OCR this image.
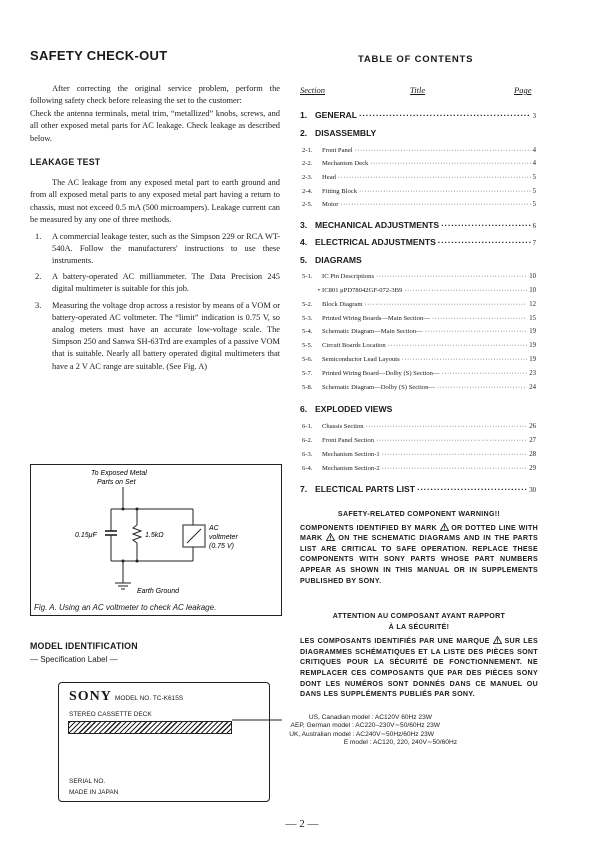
SAFETY CHECK-OUT

After correcting the original service problem, perform the following safety check before releasing the set to the customer:

Check the antenna terminals, metal trim, “metallized” knobs, screws, and all other exposed metal parts for AC leakage. Check leakage as described below.

LEAKAGE TEST

The AC leakage from any exposed metal part to earth ground and from all exposed metal parts to any exposed metal part having a return to chassis, must not exceed 0.5 mA (500 microampers). Leakage current can be measured by any one of three methods.

1. A commercial leakage tester, such as the Simpson 229 or RCA WT-540A. Follow the manufacturers' instructions to use these instruments.
2. A battery-operated AC milliammeter. The Data Precision 245 digital multimeter is suitable for this job.
3. Measuring the voltage drop across a resistor by means of a VOM or battery-operated AC voltmeter. The “limit” indication is 0.75 V, so analog meters must have an accurate low-voltage scale. The Simpson 250 and Sanwa SH-63Trd are examples of a passive VOM that is suitable. Nearly all battery operated digital multimeters that have a 2 V AC range are suitable. (See Fig. A)
To Exposed Metal
Parts on Set
0.15μF	1.5kΩ
AC
voltmeter
(0.75 V)
Earth Ground
Fig. A. Using an AC voltmeter to check AC leakage.
MODEL IDENTIFICATION
— Specification Label —
SONY MODEL NO. TC-K615S
STEREO CASSETTE DECK
SERIAL NO.
MADE IN JAPAN
US, Canadian model : AC120V 60Hz 23W
AEP, German model : AC220–230V∼50/60Hz 23W
UK, Australian model : AC240V∼50Hz/60Hz 23W
E model : AC120, 220, 240V∼50/60Hz
TABLE OF CONTENTS
Section	Title	Page
1. GENERAL ·····	3
2. DISASSEMBLY
2-1.	Front Panel ·····	4
2-2.	Mechanism Deck ·····	4
2-3.	Head ·····	5
2-4.	Fitting Block ·····	5
2-5.	Motor ·····	5
3. MECHANICAL ADJUSTMENTS ·····	6
4. ELECTRICAL ADJUSTMENTS ·····	7
5. DIAGRAMS
5-1.	IC Pin Descriptions ·····	10
• IC801 μPD78042GF-072-3B9 ·····	10
5-2.	Block Diagram ·····	12
5-3.	Printed Wiring Boards—Main Section— ·····	15
5-4.	Schematic Diagram—Main Section— ·····	19
5-5.	Circuit Boards Location ·····	19
5-6.	Semiconductor Lead Layouts ·····	19
5-7.	Printed Wiring Board—Dolby (S) Section— ·····	23
5-8.	Schematic Diagram—Dolby (S) Section— ·····	24
6. EXPLODED VIEWS
6-1.	Chassis Section ·····	26
6-2.	Front Panel Section ·····	27
6-3.	Mechanism Section-1 ·····	28
6-4.	Mechanism Section-2 ·····	29
7. ELECTICAL PARTS LIST ·····	30
SAFETY-RELATED COMPONENT WARNING!!
COMPONENTS IDENTIFIED BY MARK OR DOTTED LINE WITH MARK ON THE SCHEMATIC DIAGRAMS AND IN THE PARTS LIST ARE CRITICAL TO SAFE OPERATION. REPLACE THESE COMPONENTS WITH SONY PARTS WHOSE PART NUMBERS APPEAR AS SHOWN IN THIS MANUAL OR IN SUPPLEMENTS PUBLISHED BY SONY.
ATTENTION AU COMPOSANT AYANT RAPPORT
À LA SÉCURITÉ!
LES COMPOSANTS IDENTIFIÉS PAR UNE MARQUE SUR LES DIAGRAMMES SCHÉMATIQUES ET LA LISTE DES PIÈCES SONT CRITIQUES POUR LA SÉCURITÉ DE FONCTIONNEMENT. NE REMPLACER CES COMPOSANTS QUE PAR DES PIÈCES SONY DONT LES NUMÉROS SONT DONNÉS DANS CE MANUEL OU DANS LES SUPPLÉMENTS PUBLIÉS PAR SONY.
— 2 —
